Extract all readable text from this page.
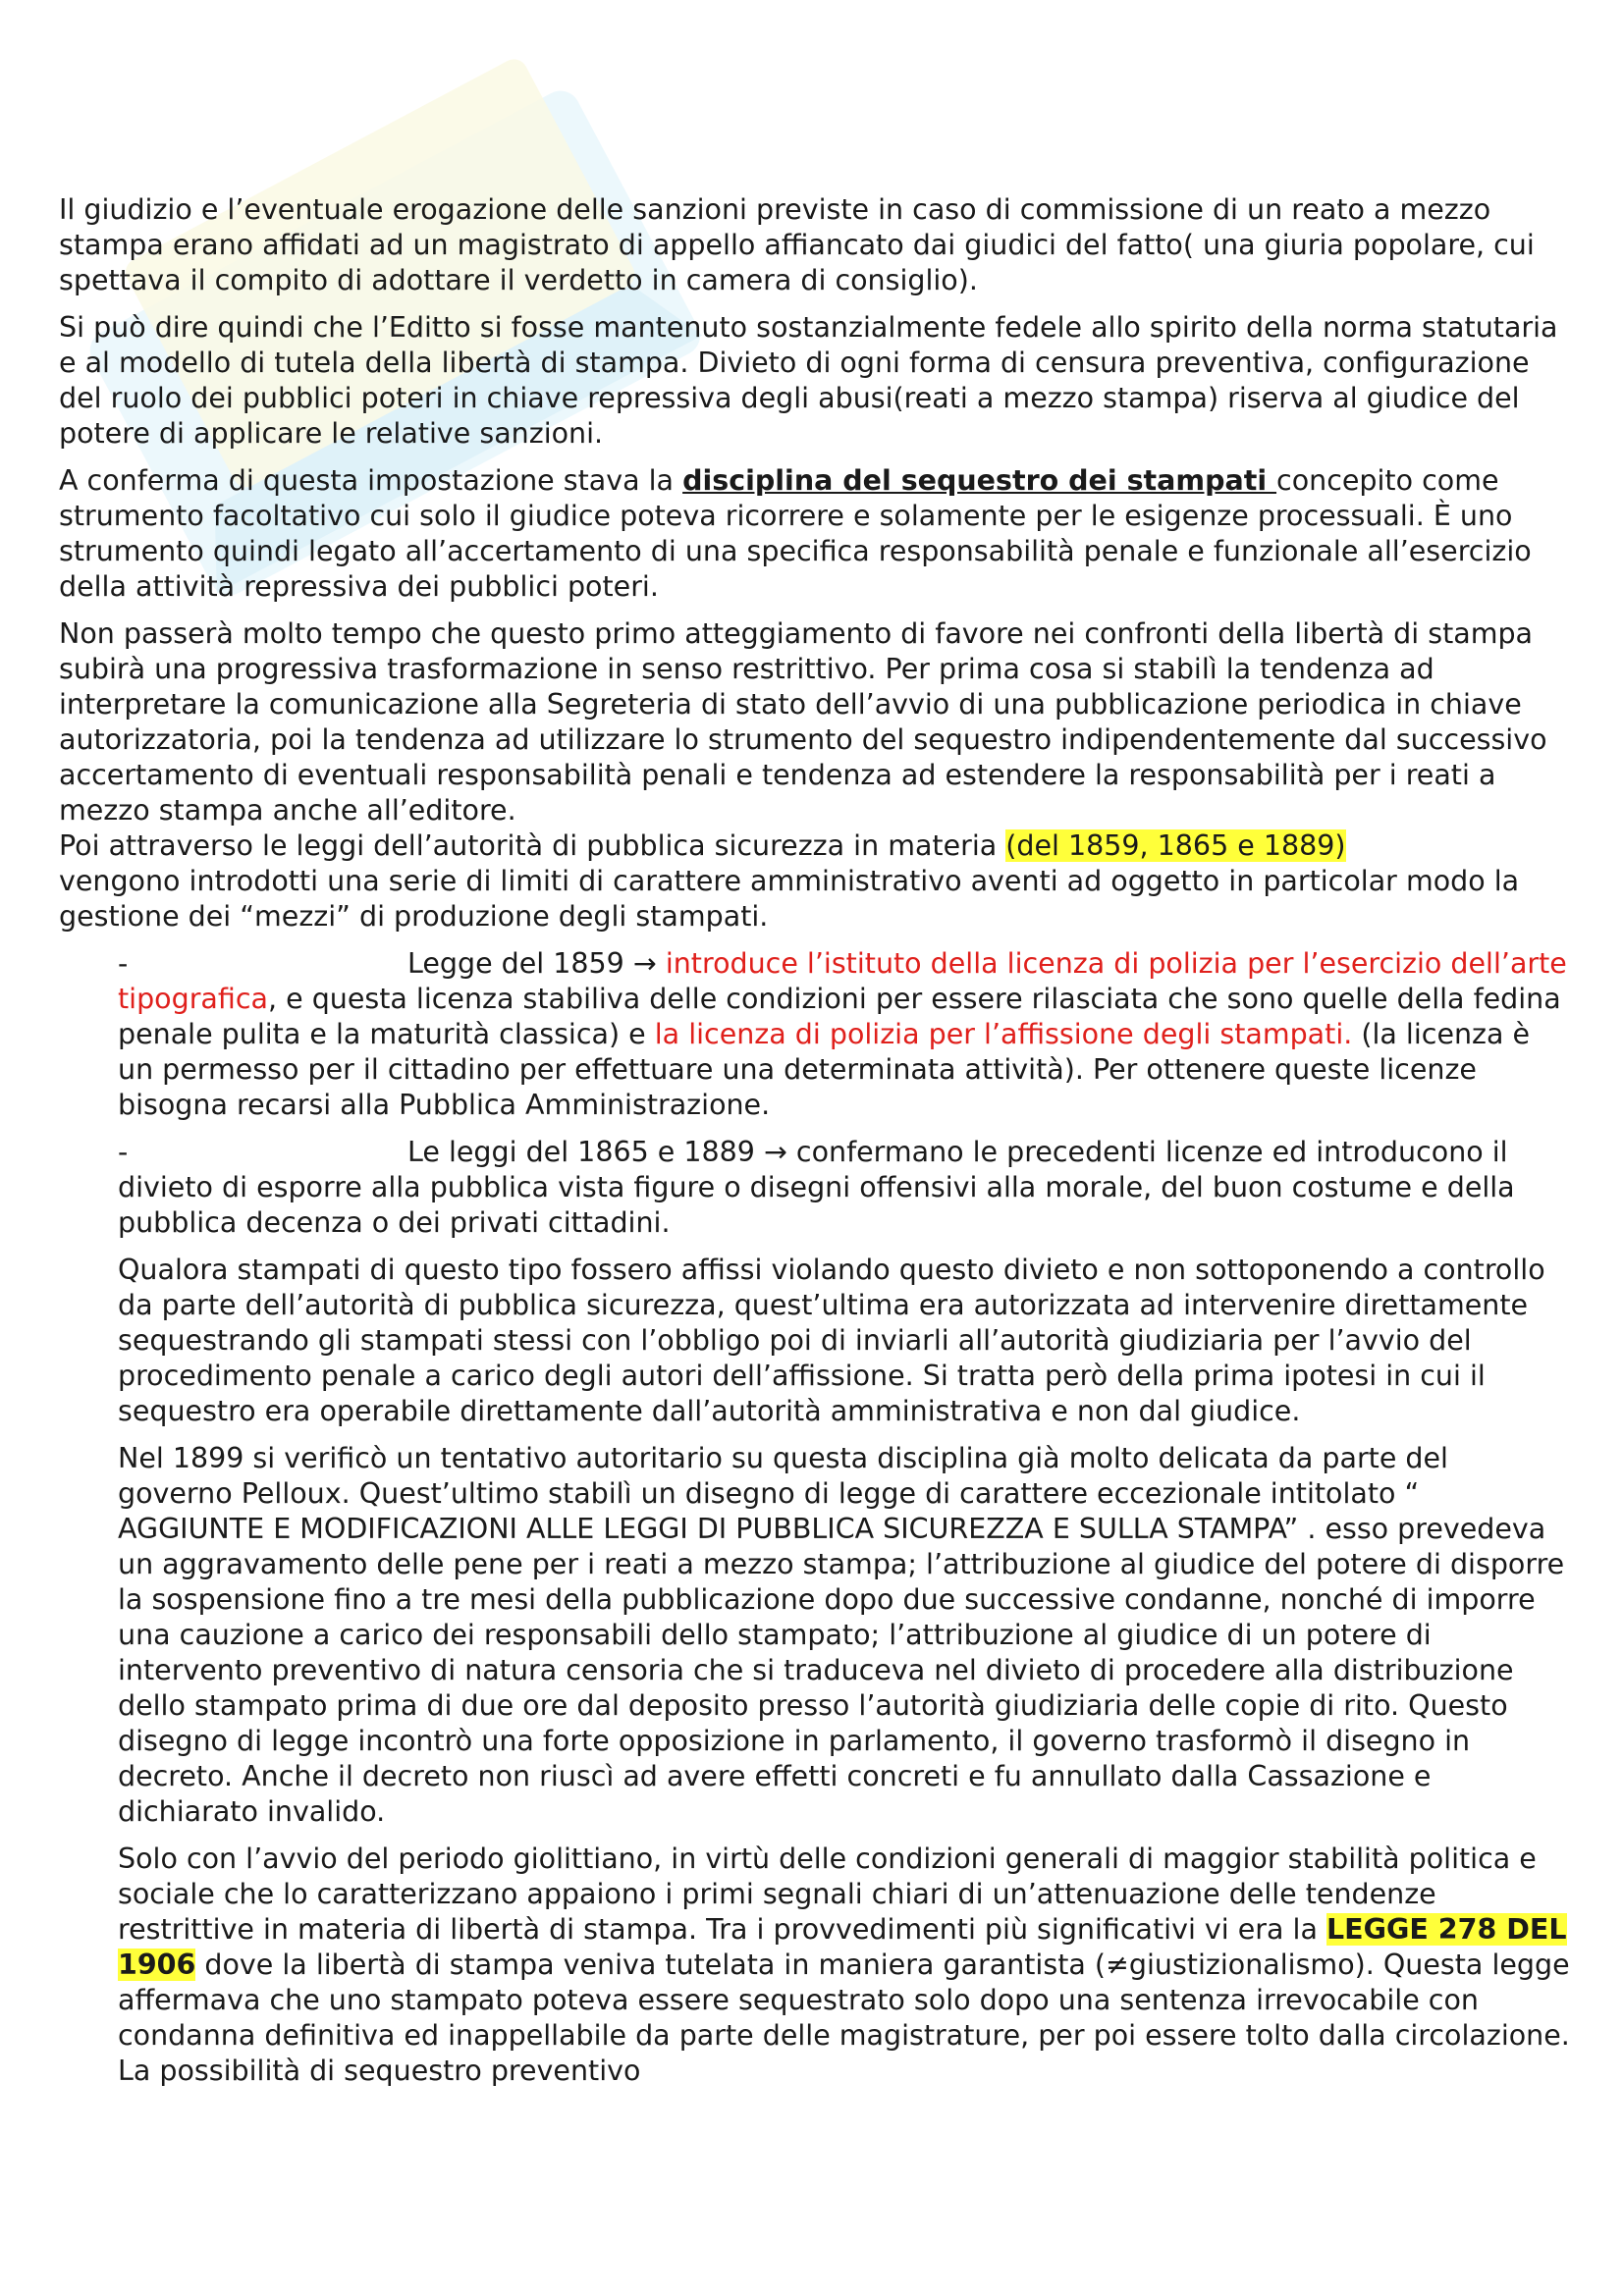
Il giudizio e l’eventuale erogazione delle sanzioni previste in caso di commissione di un reato a mezzo stampa erano affidati ad un magistrato di appello affiancato dai giudici del fatto( una giuria popolare, cui spettava il compito di adottare il verdetto in camera di consiglio).

Si può dire quindi che l’Editto si fosse mantenuto sostanzialmente fedele allo spirito della norma statutaria e al modello di tutela della libertà di stampa. Divieto di ogni forma di censura preventiva, configurazione del ruolo dei pubblici poteri in chiave repressiva degli abusi(reati a mezzo stampa) riserva al giudice del potere di applicare le relative sanzioni.

A conferma di questa impostazione stava la disciplina del sequestro dei stampati concepito come strumento facoltativo cui solo il giudice poteva ricorrere e solamente per le esigenze processuali. È uno strumento quindi legato all’accertamento di una specifica responsabilità penale e funzionale all’esercizio della attività repressiva dei pubblici poteri.

Non passerà molto tempo che questo primo atteggiamento di favore nei confronti della libertà di stampa subirà una progressiva trasformazione in senso restrittivo. Per prima cosa si stabilì la tendenza ad interpretare la comunicazione alla Segreteria di stato dell’avvio di una pubblicazione periodica in chiave autorizzatoria, poi la tendenza ad utilizzare lo strumento del sequestro indipendentemente dal successivo accertamento di eventuali responsabilità penali e tendenza ad estendere la responsabilità per i reati a mezzo stampa anche all’editore.
Poi attraverso le leggi dell’autorità di pubblica sicurezza in materia (del 1859, 1865 e 1889)
vengono introdotti una serie di limiti di carattere amministrativo aventi ad oggetto in particolar modo la gestione dei “mezzi” di produzione degli stampati.

-	Legge del 1859 → introduce l’istituto della licenza di polizia per l’esercizio dell’arte tipografica, e questa licenza stabiliva delle condizioni per essere rilasciata che sono quelle della fedina penale pulita e la maturità classica) e la licenza di polizia per l’affissione degli stampati. (la licenza è un permesso per il cittadino per effettuare una determinata attività). Per ottenere queste licenze bisogna recarsi alla Pubblica Amministrazione.
-	Le leggi del 1865 e 1889 → confermano le precedenti licenze ed introducono il divieto di esporre alla pubblica vista figure o disegni offensivi alla morale, del buon costume e della pubblica decenza o dei privati cittadini.

Qualora stampati di questo tipo fossero affissi violando questo divieto e non sottoponendo a controllo da parte dell’autorità di pubblica sicurezza, quest’ultima era autorizzata ad intervenire direttamente sequestrando gli stampati stessi con l’obbligo poi di inviarli all’autorità giudiziaria per l’avvio del procedimento penale a carico degli autori dell’affissione. Si tratta però della prima ipotesi in cui il sequestro era operabile direttamente dall’autorità amministrativa e non dal giudice.

Nel 1899 si verificò un tentativo autoritario su questa disciplina già molto delicata da parte del governo Pelloux. Quest’ultimo stabilì un disegno di legge di carattere eccezionale intitolato “ AGGIUNTE E MODIFICAZIONI ALLE LEGGI DI PUBBLICA SICUREZZA E SULLA STAMPA” . esso prevedeva un aggravamento delle pene per i reati a mezzo stampa; l’attribuzione al giudice del potere di disporre la sospensione fino a tre mesi della pubblicazione dopo due successive condanne, nonché di imporre una cauzione a carico dei responsabili dello stampato; l’attribuzione al giudice di un potere di intervento preventivo di natura censoria che si traduceva nel divieto di procedere alla distribuzione dello stampato prima di due ore dal deposito presso l’autorità giudiziaria delle copie di rito. Questo disegno di legge incontrò una forte opposizione in parlamento, il governo trasformò il disegno in decreto. Anche il decreto non riuscì ad avere effetti concreti e fu annullato dalla Cassazione e dichiarato invalido.

Solo con l’avvio del periodo giolittiano, in virtù delle condizioni generali di maggior stabilità politica e sociale che lo caratterizzano appaiono i primi segnali chiari di un’attenuazione delle tendenze restrittive in materia di libertà di stampa. Tra i provvedimenti più significativi vi era la LEGGE 278 DEL 1906 dove la libertà di stampa veniva tutelata in maniera garantista (≠giustizionalismo). Questa legge affermava che uno stampato poteva essere sequestrato solo dopo una sentenza irrevocabile con condanna definitiva ed inappellabile da parte delle magistrature, per poi essere tolto dalla circolazione. La possibilità di sequestro preventivo
